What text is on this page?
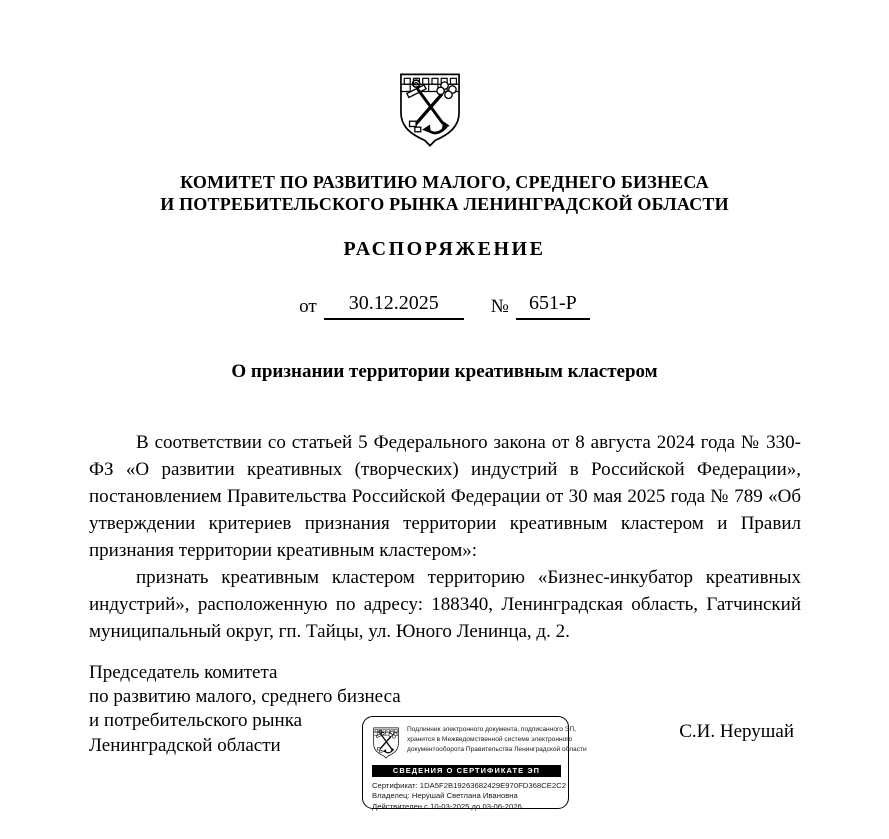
КОМИТЕТ ПО РАЗВИТИЮ МАЛОГО, СРЕДНЕГО БИЗНЕСА
И ПОТРЕБИТЕЛЬСКОГО РЫНКА ЛЕНИНГРАДСКОЙ ОБЛАСТИ
РАСПОРЯЖЕНИЕ
от	30.12.2025	№	651-Р
О признании территории креативным кластером

В соответствии со статьей 5 Федерального закона от 8 августа 2024 года № 330-ФЗ «О развитии креативных (творческих) индустрий в Российской Федерации», постановлением Правительства Российской Федерации от 30 мая 2025 года № 789 «Об утверждении критериев признания территории креативным кластером и Правил признания территории креативным кластером»:

признать креативным кластером территорию «Бизнес-инкубатор креативных индустрий», расположенную по адресу: 188340, Ленинградская область, Гатчинский муниципальный округ, гп. Тайцы, ул. Юного Ленинца, д. 2.

Председатель комитета
по развитию малого, среднего бизнеса
и потребительского рынка
Ленинградской области
Подлинник электронного документа, подписанного ЭП,
хранится в Межведомственной системе электронного
документооборота Правительства Ленинградской области
СВЕДЕНИЯ О СЕРТИФИКАТЕ ЭП
Сертификат: 1DA5F2B19263682429E970FD368CE2C2
Владелец: Нерушай Светлана Ивановна
Действителен с 10-03-2025 до 03-06-2026
С.И. Нерушай
